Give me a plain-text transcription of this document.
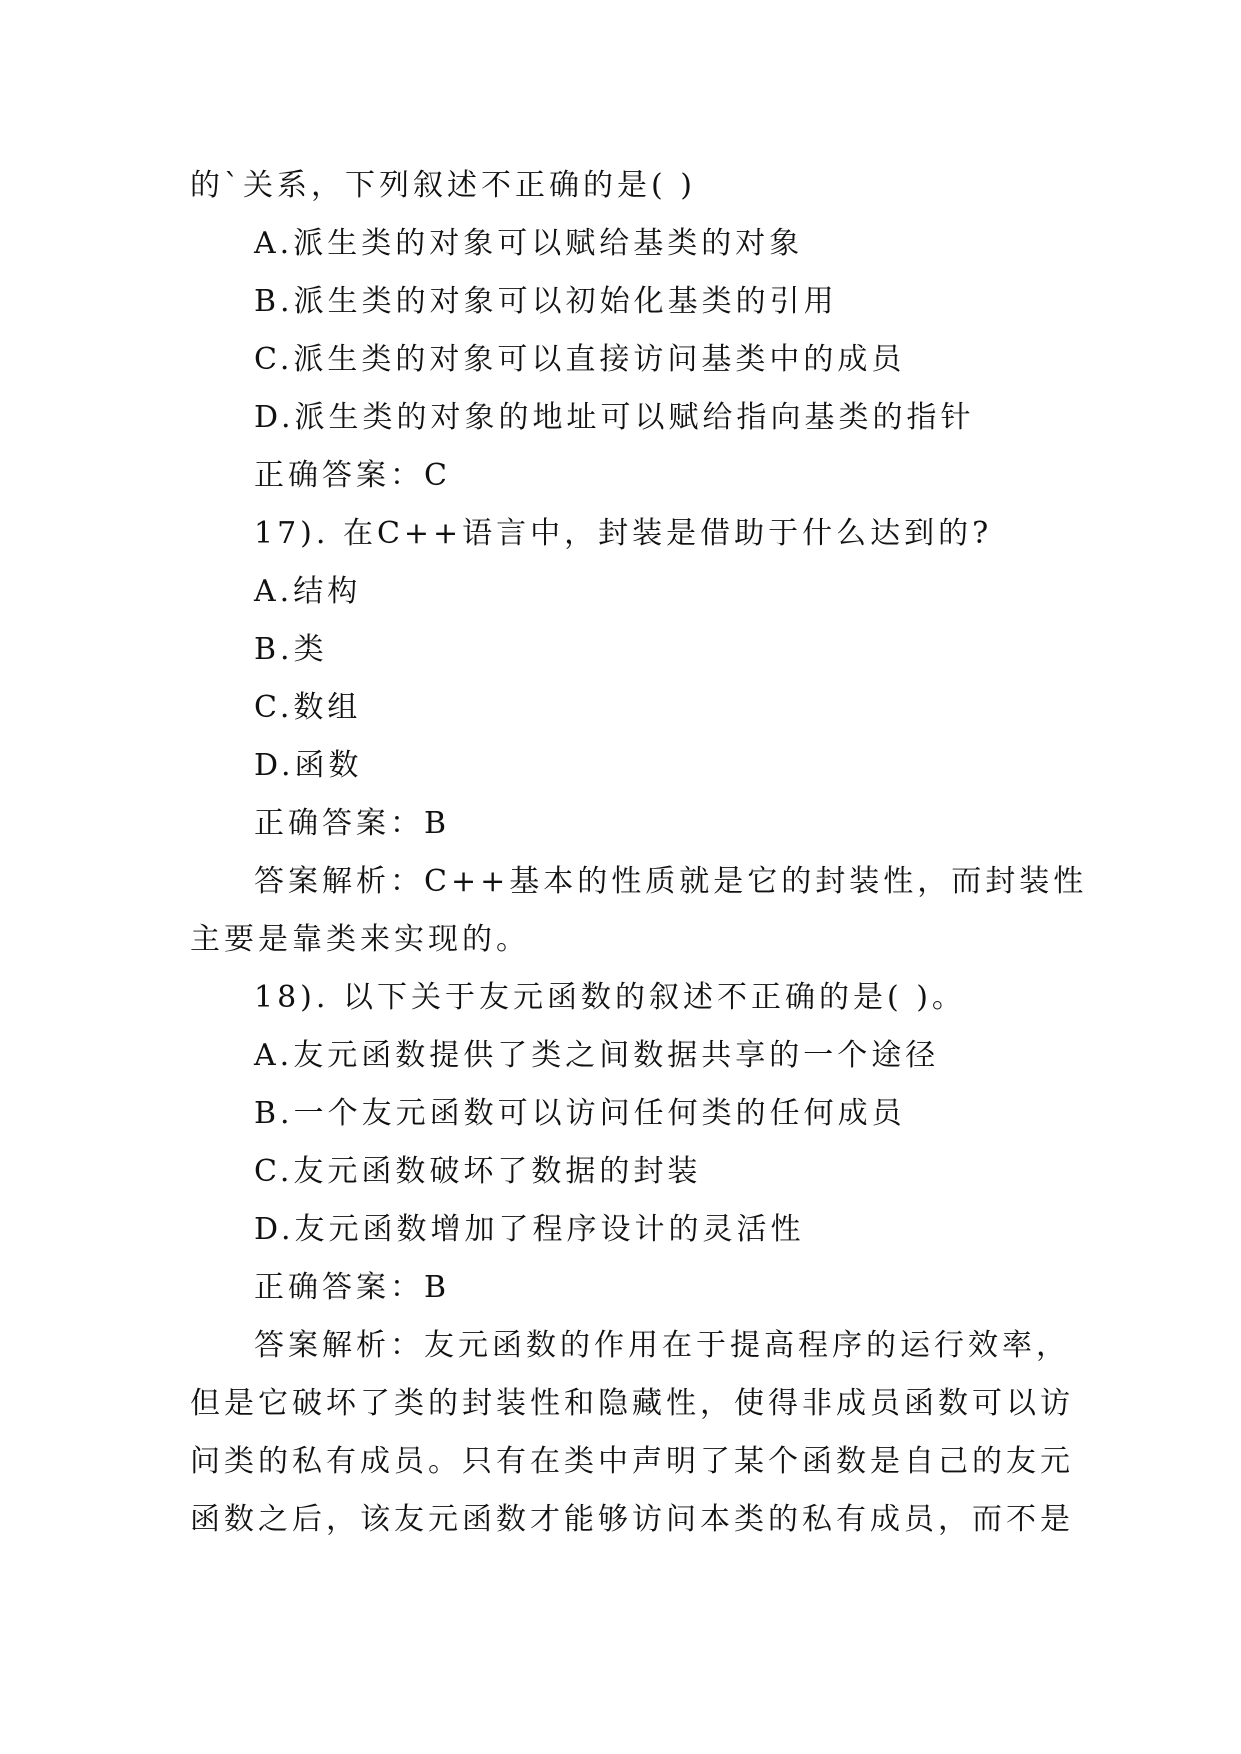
的`关系，下列叙述不正确的是( )
A.派生类的对象可以赋给基类的对象
B.派生类的对象可以初始化基类的引用
C.派生类的对象可以直接访问基类中的成员
D.派生类的对象的地址可以赋给指向基类的指针
正确答案：C
17). 在C++语言中，封装是借助于什么达到的?
A.结构
B.类
C.数组
D.函数
正确答案：B
答案解析：C++基本的性质就是它的封装性，而封装性
主要是靠类来实现的。
18). 以下关于友元函数的叙述不正确的是( )。
A.友元函数提供了类之间数据共享的一个途径
B.一个友元函数可以访问任何类的任何成员
C.友元函数破坏了数据的封装
D.友元函数增加了程序设计的灵活性
正确答案：B
答案解析：友元函数的作用在于提高程序的运行效率，
但是它破坏了类的封装性和隐藏性，使得非成员函数可以访
问类的私有成员。只有在类中声明了某个函数是自己的友元
函数之后，该友元函数才能够访问本类的私有成员，而不是
